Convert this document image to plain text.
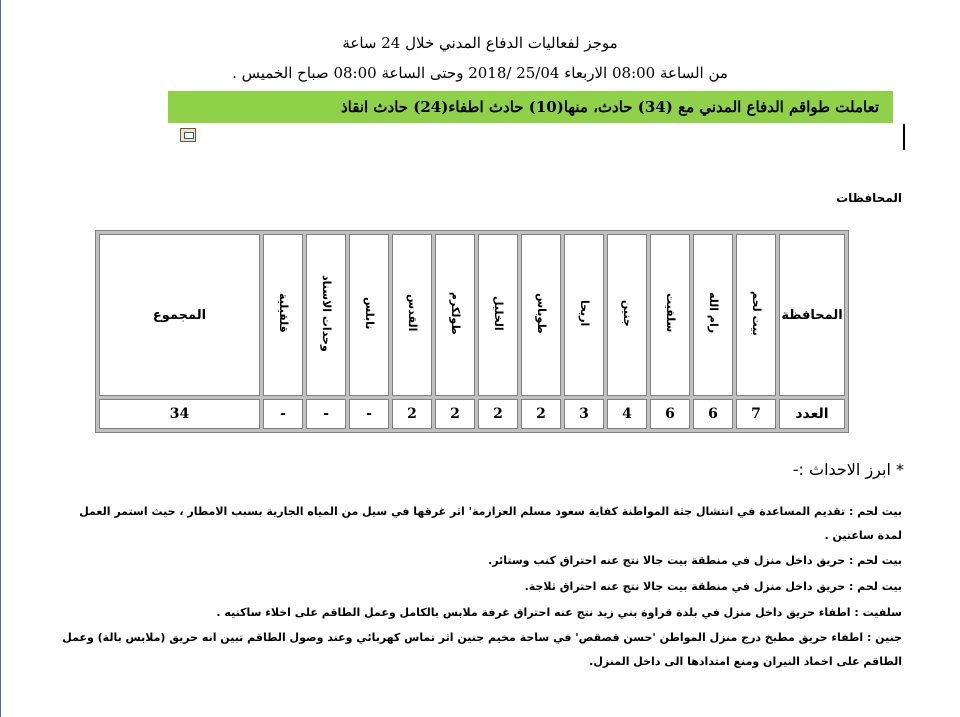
موجز لفعاليات الدفاع المدني خلال 24 ساعة
من الساعة 08:00 الاربعاء 25/04 /2018 وحتى الساعة 08:00 صباح الخميس .
تعاملت طواقم الدفاع المدني مع (34) حادث، منها(10) حادث اطفاء(24) حادث انقاذ
المحافظات
المحافظة	بيت لحم	رام الله	سلفيت	جنين	اريحا	طوباس	الخليل	طولكرم	القدس	نابلس	وحدات الاسناد	قلقيلية	المجموع
العدد	7	6	6	4	3	2	2	2	2	-	-	-	34
* ابرز الاحداث :-

بيت لحم : تقديم المساعدة في انتشال جثة المواطنة كفاية سعود مسلم العزازمة' اثر غرقها في سيل من المياه الجارية بسبب الامطار ، حيث استمر العمل لمدة ساعتين .

بيت لحم : حريق داخل منزل في منطقة بيت جالا نتج عنه احتراق كنب وستائر.

بيت لحم : حريق داخل منزل في منطقة بيت جالا نتج عنه احتراق ثلاجة.

سلفيت : اطفاء حريق داخل منزل في بلدة قراوة بني زيد نتج عنه احتراق غرفة ملابس بالكامل وعمل الطاقم على اخلاء ساكنيه .

جنين : اطفاء حريق مطبخ درج منزل المواطن 'حسن قصقص' في ساحة مخيم جنين اثر تماس كهربائي وعند وصول الطاقم تبين انه حريق (ملابس بالة) وعمل الطاقم على اخماد النيران ومنع امتدادها الى داخل المنزل.
